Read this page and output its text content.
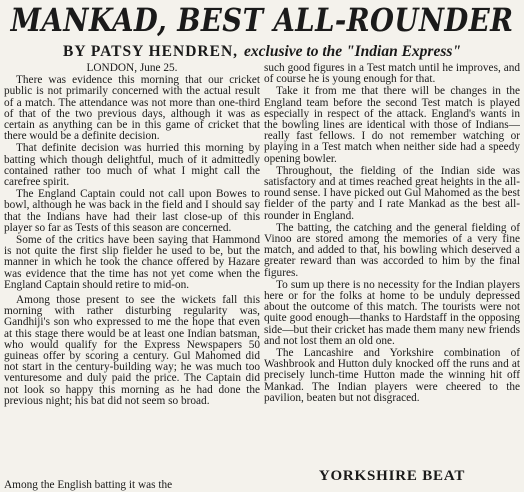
MANKAD, BEST ALL-ROUNDER
BY PATSY HENDREN, exclusive to the "Indian Express"

LONDON, June 25.

There was evidence this morning that our cricket public is not primarily concerned with the actual result of a match. The attendance was not more than one-third of that of the two previous days, although it was as certain as anything can be in this game of cricket that there would be a definite decision.

That definite decision was hurried this morning by batting which though delightful, much of it admittedly contained rather too much of what I might call the carefree spirit.

The England Captain could not call upon Bowes to bowl, although he was back in the field and I should say that the Indians have had their last close-up of this player so far as Tests of this season are concerned.

Some of the critics have been saying that Hammond is not quite the first slip fielder he used to be, but the manner in which he took the chance offered by Hazare was evidence that the time has not yet come when the England Captain should retire to mid-on.

Among those present to see the wickets fall this morning with rather disturbing regularity was, Gandhiji's son who expressed to me the hope that even at this stage there would be at least one Indian batsman, who would qualify for the Express Newspapers 50 guineas offer by scoring a century. Gul Mahomed did not start in the century-building way; he was much too venturesome and duly paid the price. The Captain did not look so happy this morning as he had done the previous night; his bat did not seem so broad.

Among the English batting it was the

such good figures in a Test match until he improves, and of course he is young enough for that.

Take it from me that there will be changes in the England team before the second Test match is played especially in respect of the attack. England's wants in the bowling lines are identical with those of Indians—really fast fellows. I do not remember watching or playing in a Test match when neither side had a speedy opening bowler.

Throughout, the fielding of the Indian side was satisfactory and at times reached great heights in the all-round sense. I have picked out Gul Mahomed as the best fielder of the party and I rate Mankad as the best all-rounder in England.

The batting, the catching and the general fielding of Vinoo are stored among the memories of a very fine match, and added to that, his bowling which deserved a greater reward than was accorded to him by the final figures.

To sum up there is no necessity for the Indian players here or for the folks at home to be unduly depressed about the outcome of this match. The tourists were not quite good enough—thanks to Hardstaff in the opposing side—but their cricket has made them many new friends and not lost them an old one.

The Lancashire and Yorkshire combination of Washbrook and Hutton duly knocked off the runs and at precisely lunch-time Hutton made the winning hit off Mankad. The Indian players were cheered to the pavilion, beaten but not disgraced.

YORKSHIRE BEAT
